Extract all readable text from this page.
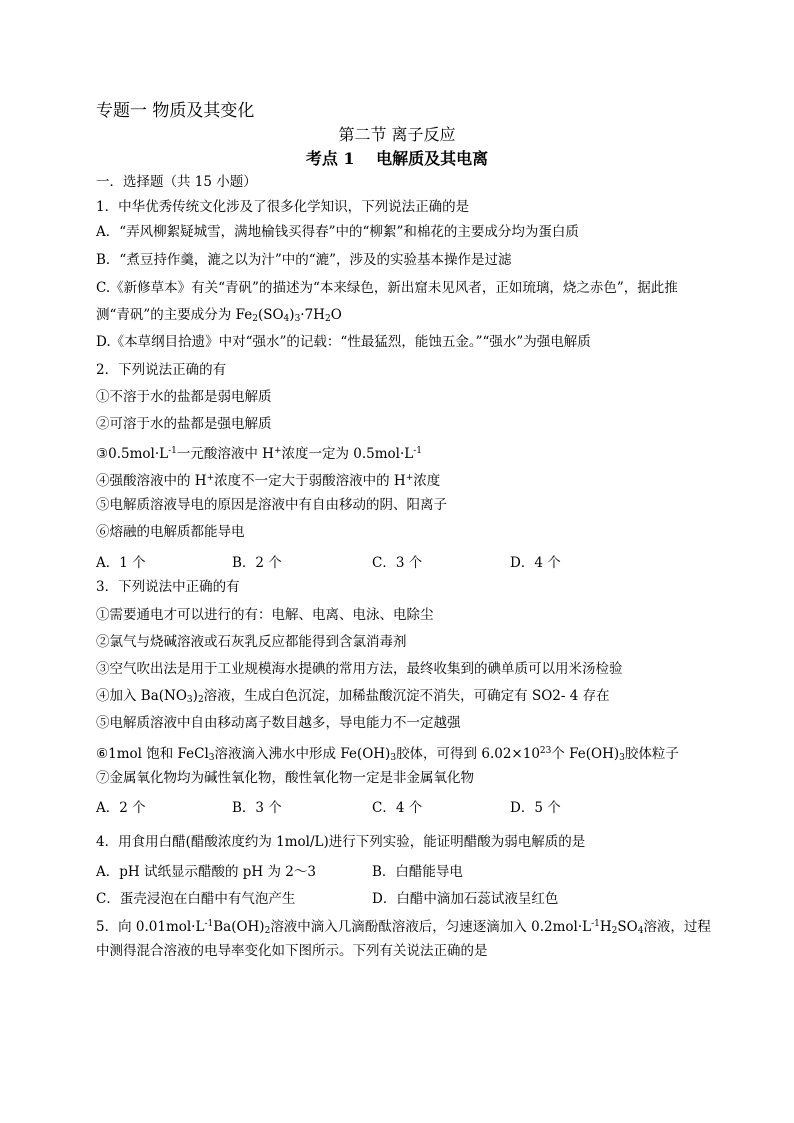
专题一 物质及其变化
第二节 离子反应
考点 1　 电解质及其电离
一．选择题（共 15 小题）
1．中华优秀传统文化涉及了很多化学知识，下列说法正确的是
A．“弄风柳絮疑城雪，满地榆钱买得春”中的“柳絮”和棉花的主要成分均为蛋白质
B．“煮豆持作羹，漉之以为汁”中的“漉”，涉及的实验基本操作是过滤
C.《新修草本》有关“青矾”的描述为“本来绿色，新出窟未见风者，正如琉璃，烧之赤色”，据此推
测“青矾”的主要成分为 $Fe_2(SO_4)_3\cdot 7H_2O$
D.《本草纲目拾遗》中对“强水”的记载：“性最猛烈，能蚀五金。”“强水”为强电解质
2．下列说法正确的有
①不溶于水的盐都是弱电解质
②可溶于水的盐都是强电解质
$③0.5mol\cdot L^{-1}$一元酸溶液中 H+浓度一定为 $0.5mol\cdot L^{-1}$
④强酸溶液中的 H+浓度不一定大于弱酸溶液中的 H+浓度
⑤电解质溶液导电的原因是溶液中有自由移动的阴、阳离子
⑥熔融的电解质都能导电
A．1 个	B．2 个	C．3 个	D．4 个
3．下列说法中正确的有
①需要通电才可以进行的有：电解、电离、电泳、电除尘
②氯气与烧碱溶液或石灰乳反应都能得到含氯消毒剂
③空气吹出法是用于工业规模海水提碘的常用方法，最终收集到的碘单质可以用米汤检验
④加入 $Ba(NO_3)_2$溶液，生成白色沉淀，加稀盐酸沉淀不消失，可确定有 SO2- 4 存在
⑤电解质溶液中自由移动离子数目越多，导电能力不一定越强
⑥1mol 饱和 FeCl$_3$溶液滴入沸水中形成 $Fe(OH)_3$胶体，可得到 $6.02\times 10^{23}$个 $Fe(OH)_3$胶体粒子
⑦金属氧化物均为碱性氧化物，酸性氧化物一定是非金属氧化物
A．2 个	B．3 个	C．4 个	D．5 个
4．用食用白醋(醋酸浓度约为 1mol/L)进行下列实验，能证明醋酸为弱电解质的是
A．pH 试纸显示醋酸的 pH 为 2～3	B．白醋能导电
C．蛋壳浸泡在白醋中有气泡产生	D．白醋中滴加石蕊试液呈红色
5．向 $0.01mol\cdot L^{-1}Ba(OH)_2$溶液中滴入几滴酚酞溶液后，匀速逐滴加入 $0.2mol\cdot L^{-1}H_2SO_4$溶液，过程
中测得混合溶液的电导率变化如下图所示。下列有关说法正确的是
